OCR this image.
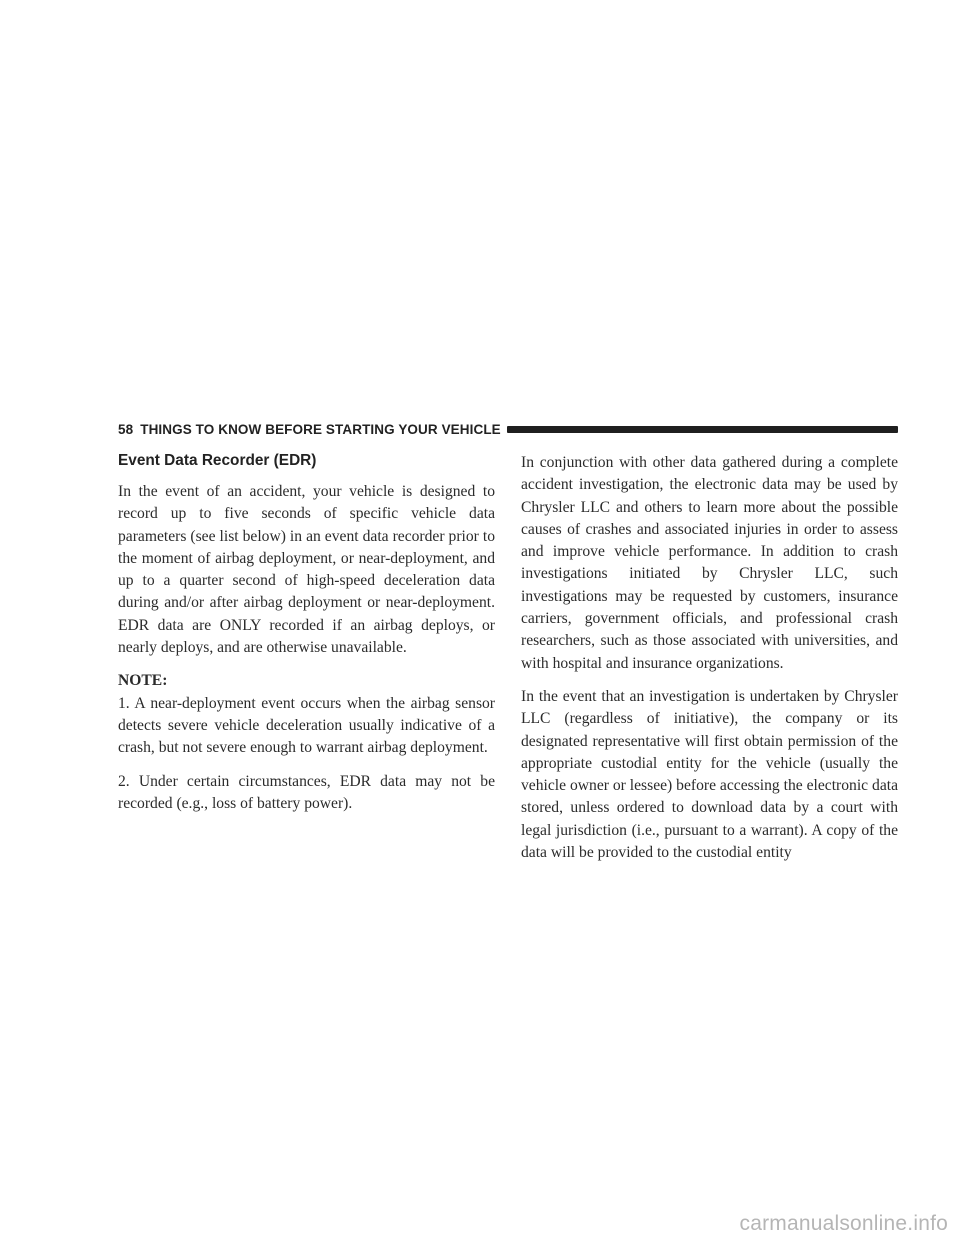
58 THINGS TO KNOW BEFORE STARTING YOUR VEHICLE
Event Data Recorder (EDR)

In the event of an accident, your vehicle is designed to record up to five seconds of specific vehicle data parameters (see list below) in an event data recorder prior to the moment of airbag deployment, or near-deployment, and up to a quarter second of high-speed deceleration data during and/or after airbag deployment or near-deployment. EDR data are ONLY recorded if an airbag deploys, or nearly deploys, and are otherwise unavailable.

NOTE:

1. A near-deployment event occurs when the airbag sensor detects severe vehicle deceleration usually indicative of a crash, but not severe enough to warrant airbag deployment.

2. Under certain circumstances, EDR data may not be recorded (e.g., loss of battery power).

In conjunction with other data gathered during a complete accident investigation, the electronic data may be used by Chrysler LLC and others to learn more about the possible causes of crashes and associated injuries in order to assess and improve vehicle performance. In addition to crash investigations initiated by Chrysler LLC, such investigations may be requested by customers, insurance carriers, government officials, and professional crash researchers, such as those associated with universities, and with hospital and insurance organizations.

In the event that an investigation is undertaken by Chrysler LLC (regardless of initiative), the company or its designated representative will first obtain permission of the appropriate custodial entity for the vehicle (usually the vehicle owner or lessee) before accessing the electronic data stored, unless ordered to download data by a court with legal jurisdiction (i.e., pursuant to a warrant). A copy of the data will be provided to the custodial entity

carmanualsonline.info
